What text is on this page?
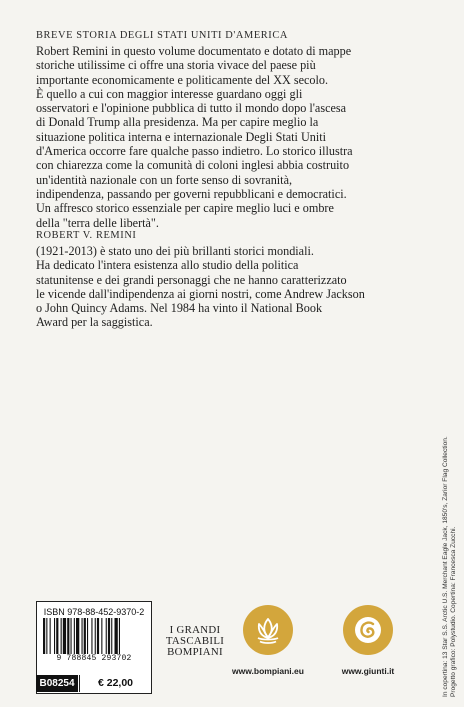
BREVE STORIA DEGLI STATI UNITI D'AMERICA
Robert Remini in questo volume documentato e dotato di mappe
storiche utilissime ci offre una storia vivace del paese più
importante economicamente e politicamente del XX secolo.
È quello a cui con maggior interesse guardano oggi gli
osservatori e l'opinione pubblica di tutto il mondo dopo l'ascesa
di Donald Trump alla presidenza. Ma per capire meglio la
situazione politica interna e internazionale Degli Stati Uniti
d'America occorre fare qualche passo indietro. Lo storico illustra
con chiarezza come la comunità di coloni inglesi abbia costruito
un'identità nazionale con un forte senso di sovranità,
indipendenza, passando per governi repubblicani e democratici.
Un affresco storico essenziale per capire meglio luci e ombre
della "terra delle libertà".
ROBERT V. REMINI
(1921-2013) è stato uno dei più brillanti storici mondiali.
Ha dedicato l'intera esistenza allo studio della politica
statunitense e dei grandi personaggi che ne hanno caratterizzato
le vicende dall'indipendenza ai giorni nostri, come Andrew Jackson
o John Quincy Adams. Nel 1984 ha vinto il National Book
Award per la saggistica.
ISBN 978-88-452-9370-2
9 788845 293702
B08254	€ 22,00
I GRANDI
TASCABILI
BOMPIANI
www.bompiani.eu	www.giunti.it	In copertina: 13 Star S.S. Arctic U.S. Merchant Eagle Jack, 1850's, Zarior Flag Collection. Progetto grafico: Polystudio. Copertina: Francesca Zucchi.
